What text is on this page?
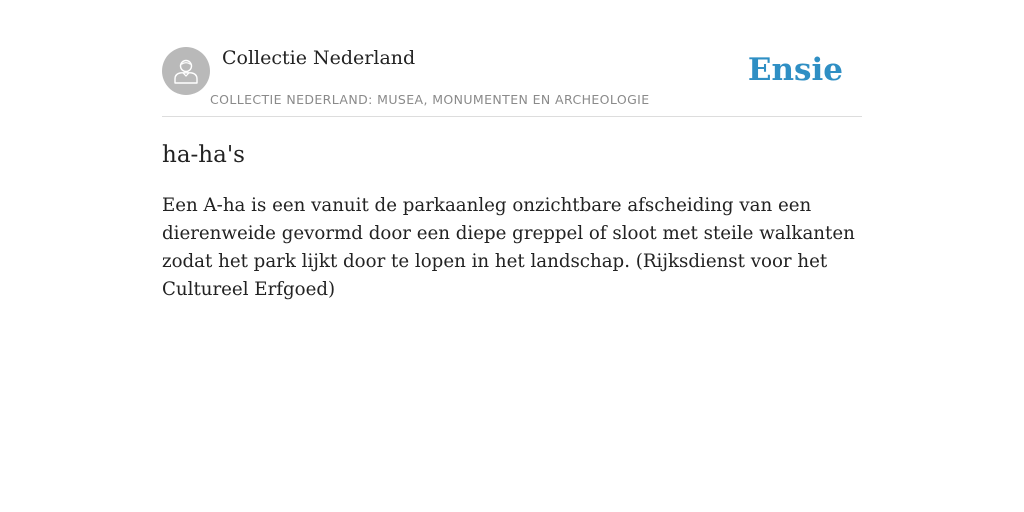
Collectie Nederland
COLLECTIE NEDERLAND: MUSEA, MONUMENTEN EN ARCHEOLOGIE
Ensie
ha-ha's

Een A-ha is een vanuit de parkaanleg onzichtbare afscheiding van een dierenweide gevormd door een diepe greppel of sloot met steile walkanten zodat het park lijkt door te lopen in het landschap. (Rijksdienst voor het Cultureel Erfgoed)
